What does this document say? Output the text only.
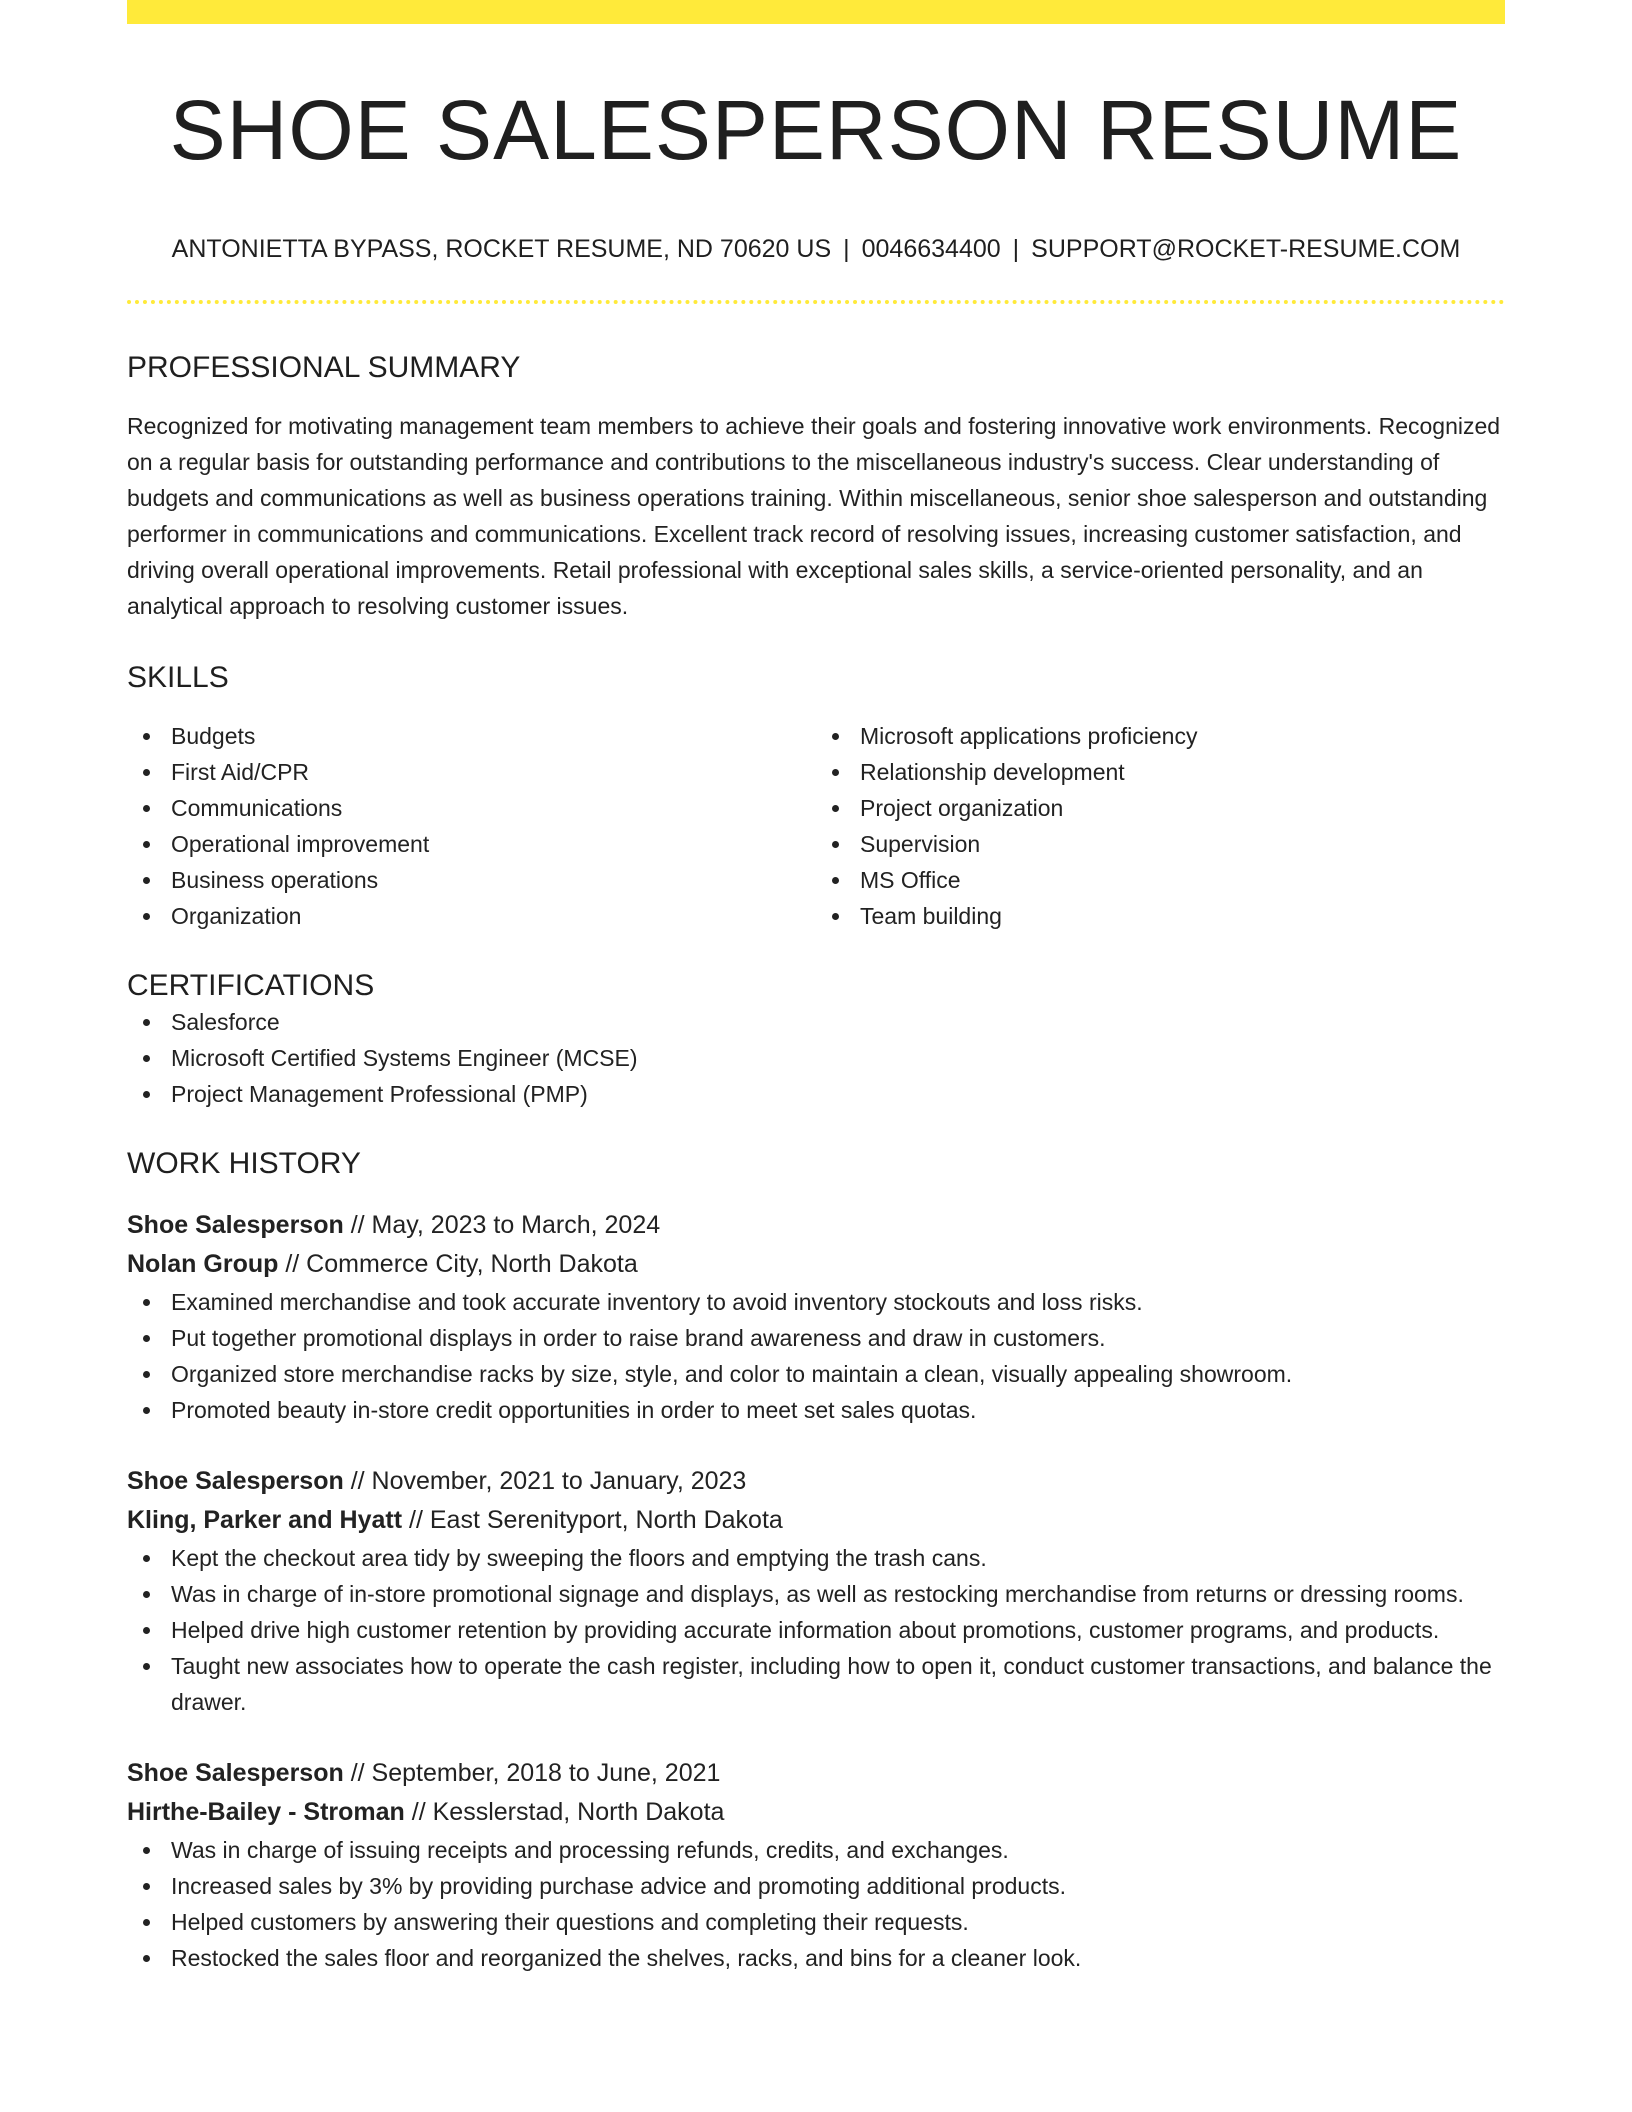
SHOE SALESPERSON RESUME
ANTONIETTA BYPASS, ROCKET RESUME, ND 70620 US | 0046634400 | SUPPORT@ROCKET-RESUME.COM
PROFESSIONAL SUMMARY
Recognized for motivating management team members to achieve their goals and fostering innovative work environments. Recognized on a regular basis for outstanding performance and contributions to the miscellaneous industry's success. Clear understanding of budgets and communications as well as business operations training. Within miscellaneous, senior shoe salesperson and outstanding performer in communications and communications. Excellent track record of resolving issues, increasing customer satisfaction, and driving overall operational improvements. Retail professional with exceptional sales skills, a service-oriented personality, and an analytical approach to resolving customer issues.
SKILLS
Budgets
First Aid/CPR
Communications
Operational improvement
Business operations
Organization
Microsoft applications proficiency
Relationship development
Project organization
Supervision
MS Office
Team building
CERTIFICATIONS
Salesforce
Microsoft Certified Systems Engineer (MCSE)
Project Management Professional (PMP)
WORK HISTORY
Shoe Salesperson // May, 2023 to March, 2024
Nolan Group // Commerce City, North Dakota
Examined merchandise and took accurate inventory to avoid inventory stockouts and loss risks.
Put together promotional displays in order to raise brand awareness and draw in customers.
Organized store merchandise racks by size, style, and color to maintain a clean, visually appealing showroom.
Promoted beauty in-store credit opportunities in order to meet set sales quotas.
Shoe Salesperson // November, 2021 to January, 2023
Kling, Parker and Hyatt // East Serenityport, North Dakota
Kept the checkout area tidy by sweeping the floors and emptying the trash cans.
Was in charge of in-store promotional signage and displays, as well as restocking merchandise from returns or dressing rooms.
Helped drive high customer retention by providing accurate information about promotions, customer programs, and products.
Taught new associates how to operate the cash register, including how to open it, conduct customer transactions, and balance the drawer.
Shoe Salesperson // September, 2018 to June, 2021
Hirthe-Bailey - Stroman // Kesslerstad, North Dakota
Was in charge of issuing receipts and processing refunds, credits, and exchanges.
Increased sales by 3% by providing purchase advice and promoting additional products.
Helped customers by answering their questions and completing their requests.
Restocked the sales floor and reorganized the shelves, racks, and bins for a cleaner look.
